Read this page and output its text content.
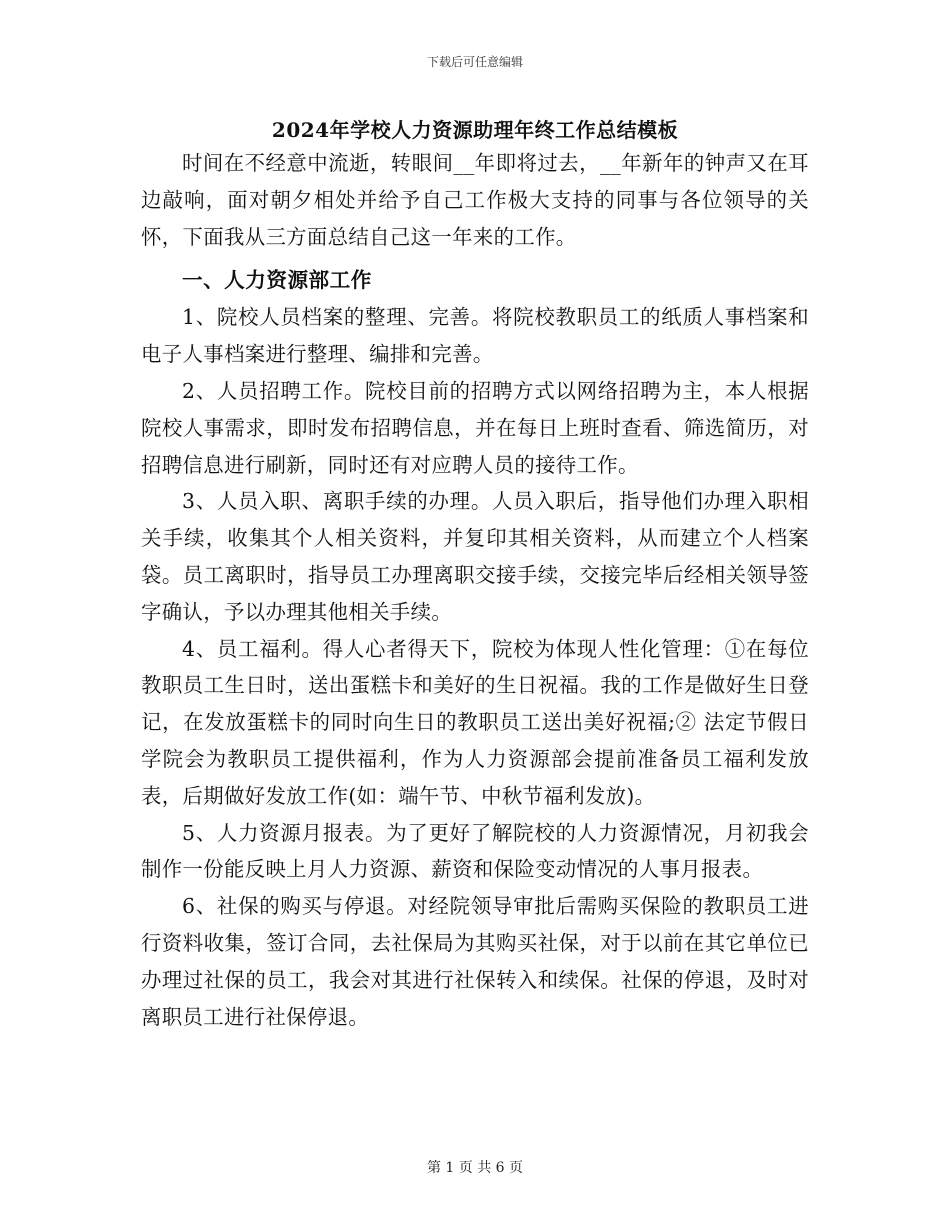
下载后可任意编辑
2024年学校人力资源助理年终工作总结模板

时间在不经意中流逝，转眼间__年即将过去，__年新年的钟声又在耳边敲响，面对朝夕相处并给予自己工作极大支持的同事与各位领导的关怀，下面我从三方面总结自己这一年来的工作。

一、人力资源部工作

1、院校人员档案的整理、完善。将院校教职员工的纸质人事档案和电子人事档案进行整理、编排和完善。

2、人员招聘工作。院校目前的招聘方式以网络招聘为主，本人根据院校人事需求，即时发布招聘信息，并在每日上班时查看、筛选简历，对招聘信息进行刷新，同时还有对应聘人员的接待工作。

3、人员入职、离职手续的办理。人员入职后，指导他们办理入职相关手续，收集其个人相关资料，并复印其相关资料，从而建立个人档案袋。员工离职时，指导员工办理离职交接手续，交接完毕后经相关领导签字确认，予以办理其他相关手续。

4、员工福利。得人心者得天下，院校为体现人性化管理：①在每位教职员工生日时，送出蛋糕卡和美好的生日祝福。我的工作是做好生日登记，在发放蛋糕卡的同时向生日的教职员工送出美好祝福;② 法定节假日学院会为教职员工提供福利，作为人力资源部会提前准备员工福利发放表，后期做好发放工作(如：端午节、中秋节福利发放)。

5、人力资源月报表。为了更好了解院校的人力资源情况，月初我会制作一份能反映上月人力资源、薪资和保险变动情况的人事月报表。

6、社保的购买与停退。对经院领导审批后需购买保险的教职员工进行资料收集，签订合同，去社保局为其购买社保，对于以前在其它单位已办理过社保的员工，我会对其进行社保转入和续保。社保的停退，及时对离职员工进行社保停退。

第 1 页 共 6 页
